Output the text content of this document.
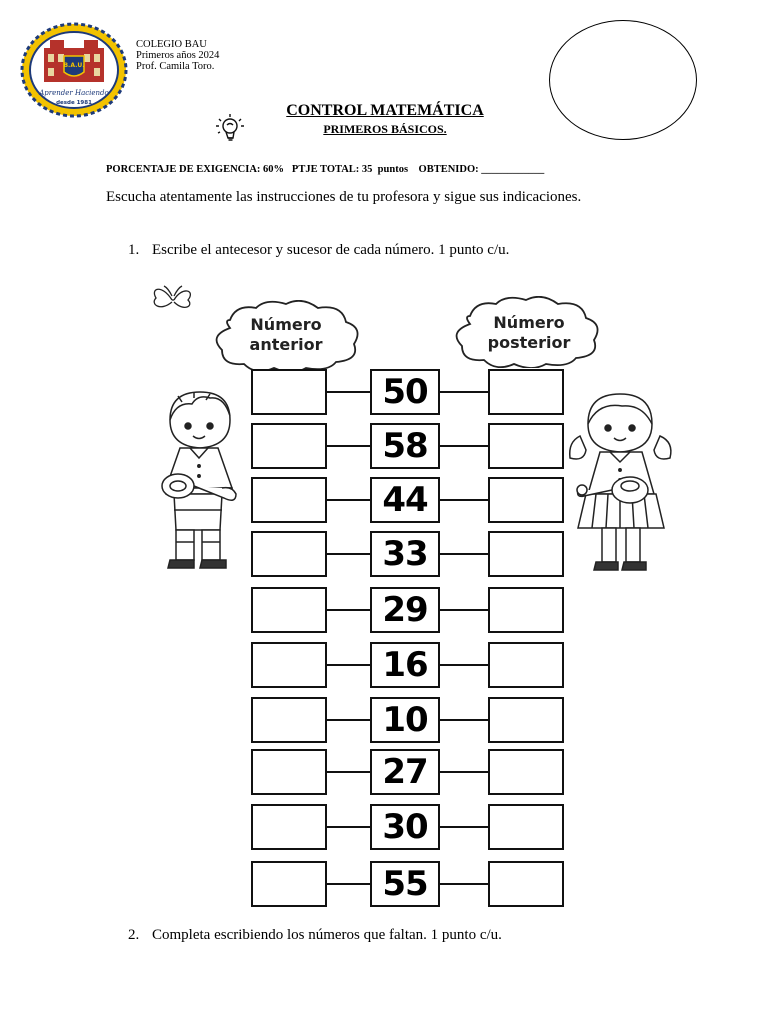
B.A.U.
Aprender Haciendo
desde 1981
COLEGIO BAU
Primeros años 2024
Prof. Camila Toro.
CONTROL MATEMÁTICA
PRIMEROS BÁSICOS.
PORCENTAJE DE EXIGENCIA: 60%   PTJE TOTAL: 35  puntos    OBTENIDO: ____________
Escucha atentamente las instrucciones de tu profesora y sigue sus indicaciones.
1. Escribe el antecesor y sucesor de cada número. 1 punto c/u.
Número
anterior
Número
posterior
50
58
44
33
29
16
10
27
30
55
2. Completa escribiendo los números que faltan. 1 punto c/u.
